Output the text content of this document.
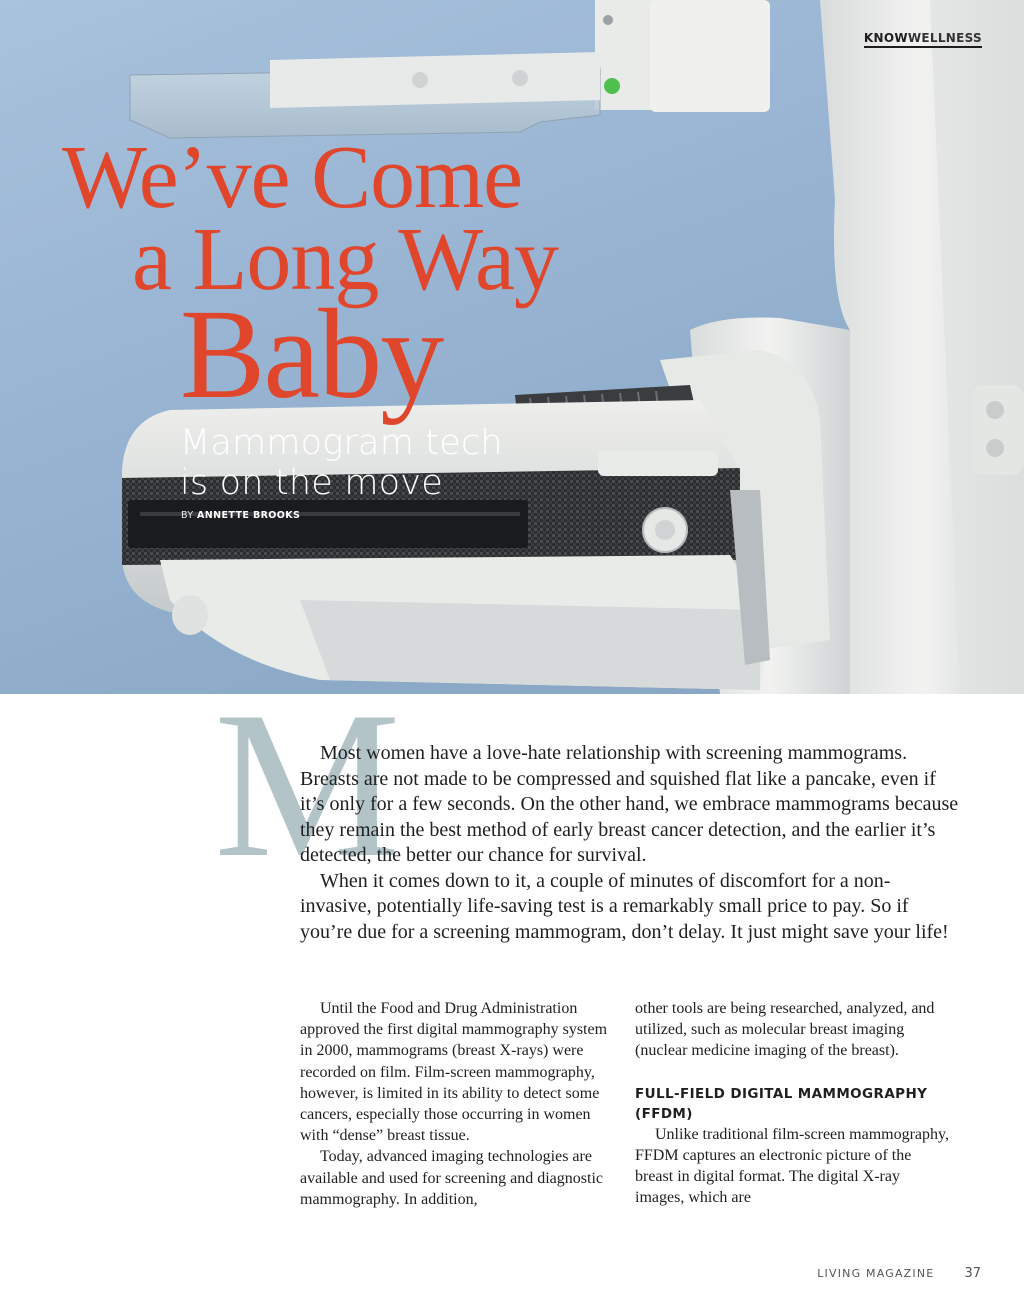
KNOWWELLNESS
We’ve Come
a Long Way
Baby
Mammogram tech
is on the move
BY ANNETTE BROOKS
M

Most women have a love-hate relationship with screening mammograms. Breasts are not made to be compressed and squished flat like a pancake, even if it’s only for a few seconds. On the other hand, we embrace mammograms because they remain the best method of early breast cancer detection, and the earlier it’s detected, the better our chance for survival.

When it comes down to it, a couple of minutes of discomfort for a non-invasive, potentially life-saving test is a remarkably small price to pay. So if you’re due for a screening mammogram, don’t delay. It just might save your life!

Until the Food and Drug Administration approved the first digital mammography system in 2000, mammograms (breast X-rays) were recorded on film. Film-screen mammography, however, is limited in its ability to detect some cancers, especially those occurring in women with “dense” breast tissue.

Today, advanced imaging technologies are available and used for screening and diagnostic mammography. In addition,

other tools are being researched, analyzed, and utilized, such as molecular breast imaging (nuclear medicine imaging of the breast).

FULL-FIELD DIGITAL MAMMOGRAPHY (FFDM)

Unlike traditional film-screen mammography, FFDM captures an electronic picture of the breast in digital format. The digital X-ray images, which are

LIVING MAGAZINE 37
